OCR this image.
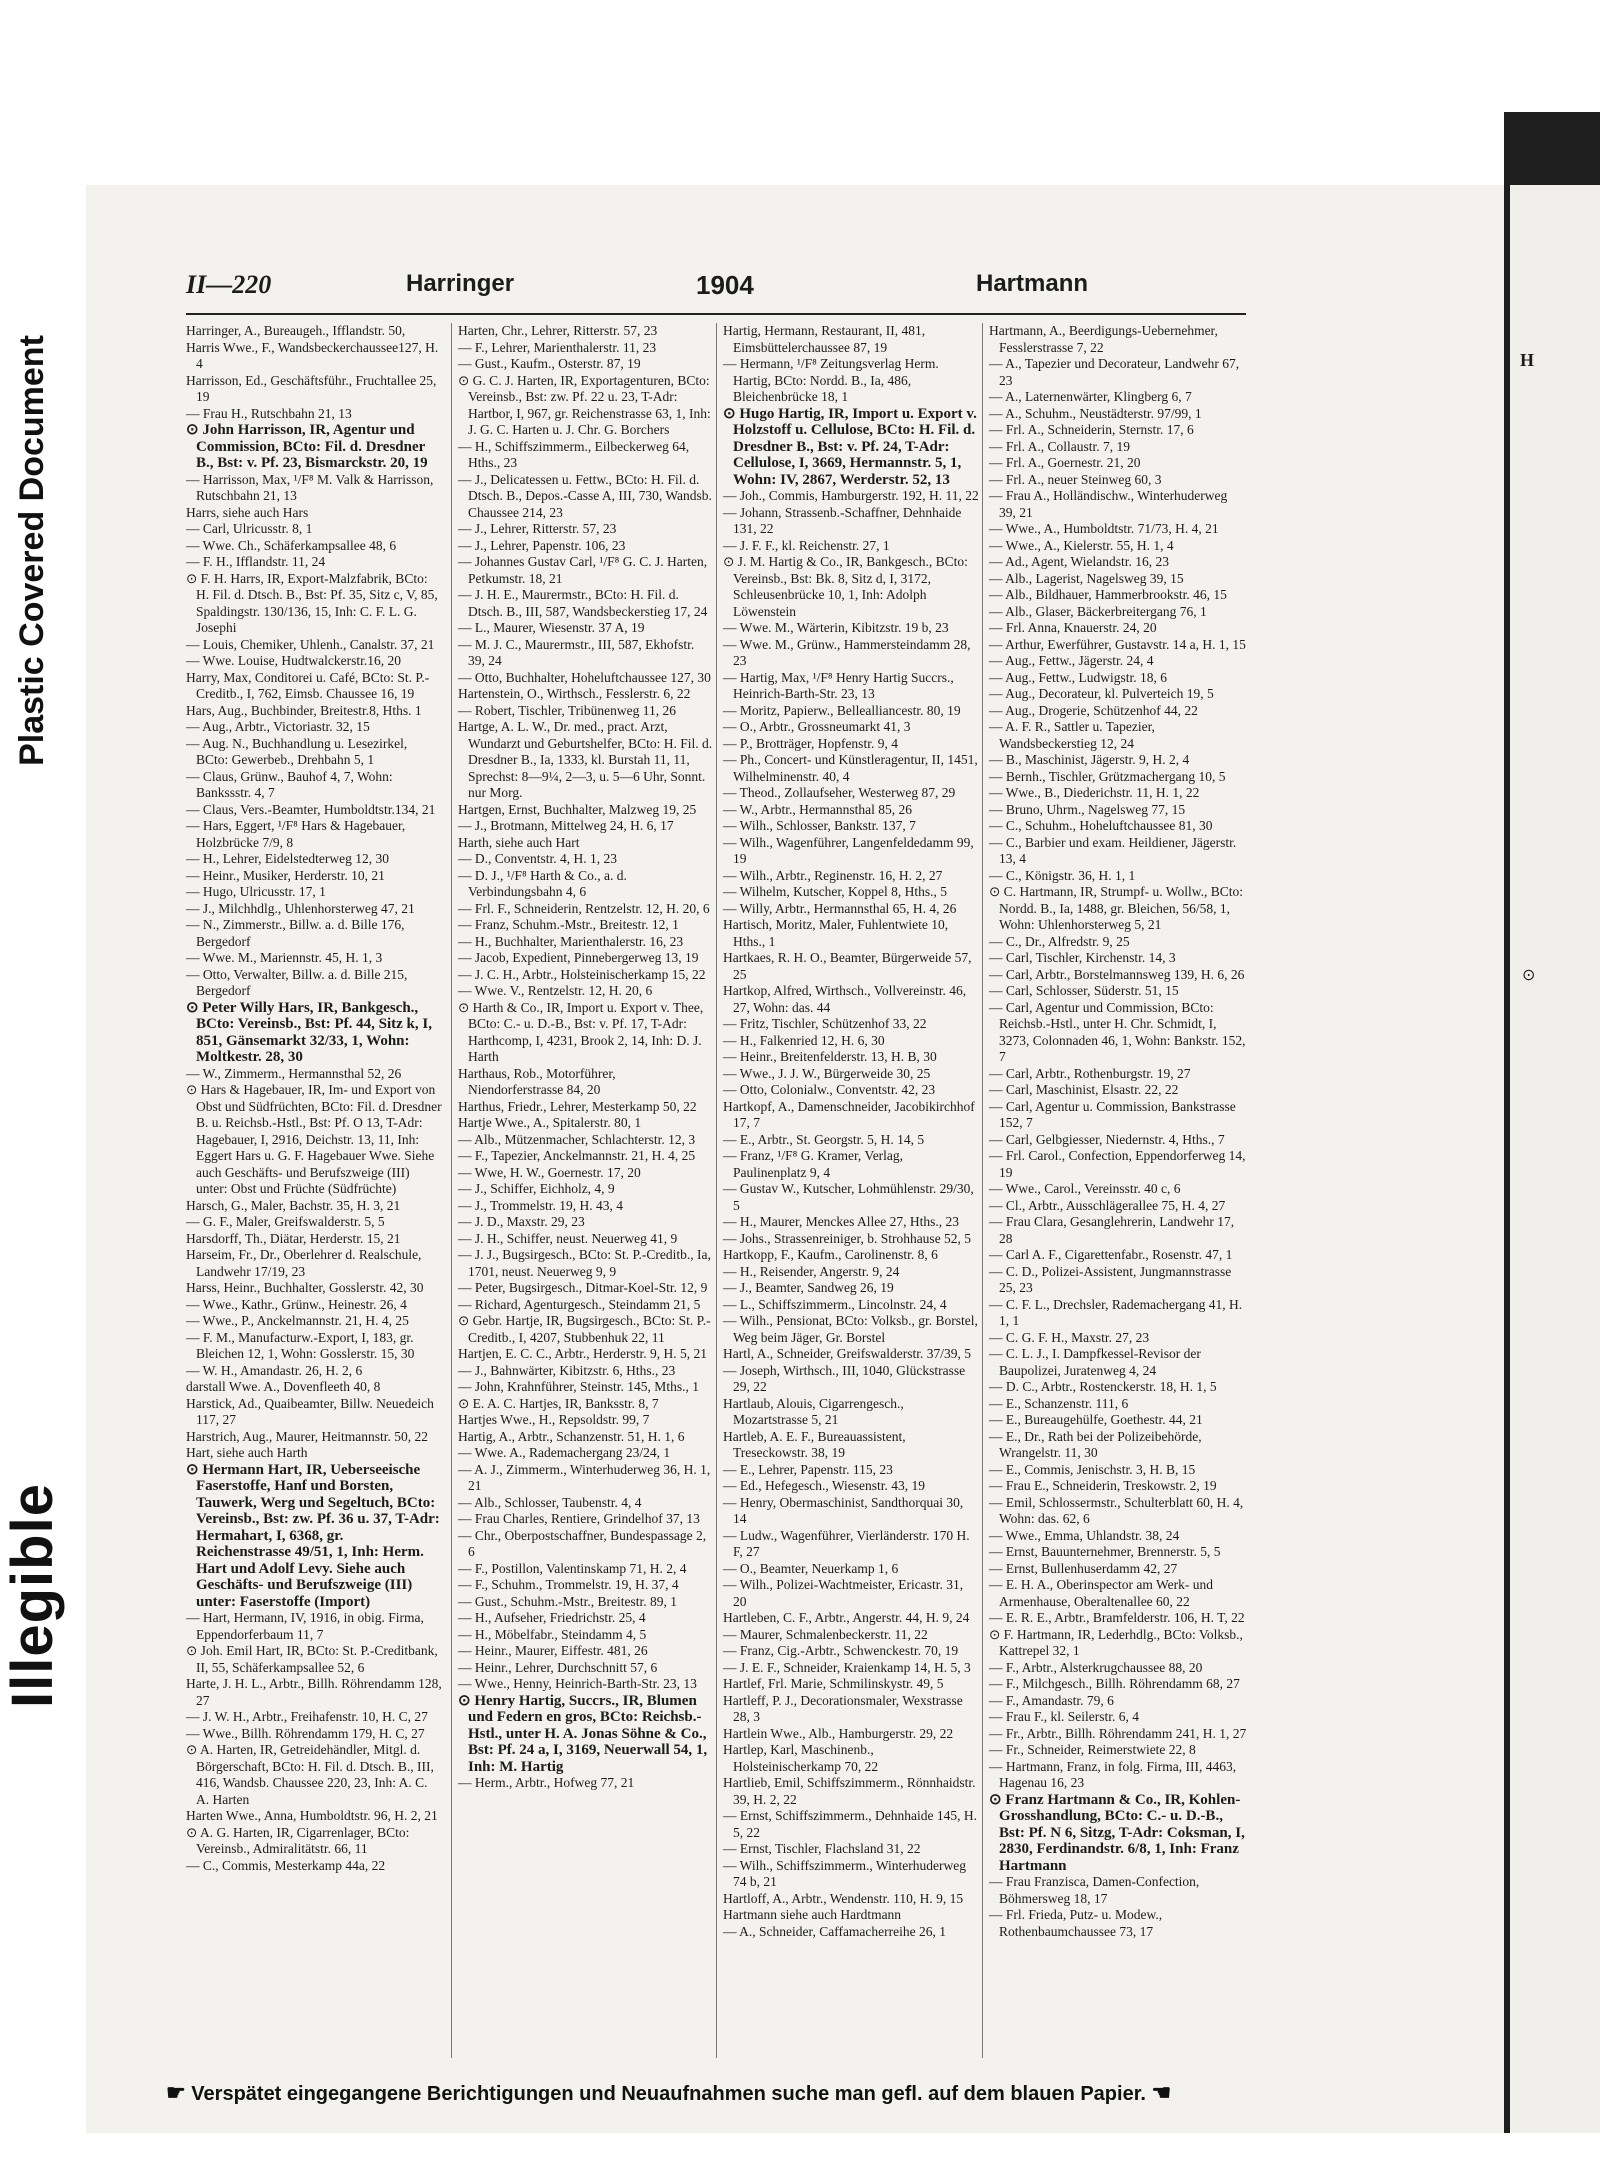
Plastic Covered Document
Illegible
H
⊙
II—220	Harringer	1904	Hartmann

Harringer, A., Bureaugeh., Ifflandstr. 50,

Harris Wwe., F., Wandsbeckerchaussee127, H. 4

Harrisson, Ed., Geschäftsführ., Fruchtallee 25, 19

— Frau H., Rutschbahn 21, 13

⊙ John Harrisson, IR, Agentur und Commission, BCto: Fil. d. Dresdner B., Bst: v. Pf. 23, Bismarckstr. 20, 19

— Harrisson, Max, ¹/F⁸ M. Valk & Harrisson, Rutschbahn 21, 13

Harrs, siehe auch Hars

— Carl, Ulricusstr. 8, 1

— Wwe. Ch., Schäferkampsallee 48, 6

— F. H., Ifflandstr. 11, 24

⊙ F. H. Harrs, IR, Export-Malzfabrik, BCto: H. Fil. d. Dtsch. B., Bst: Pf. 35, Sitz c, V, 85, Spaldingstr. 130/136, 15, Inh: C. F. L. G. Josephi

— Louis, Chemiker, Uhlenh., Canalstr. 37, 21

— Wwe. Louise, Hudtwalckerstr.16, 20

Harry, Max, Conditorei u. Café, BCto: St. P.-Creditb., I, 762, Eimsb. Chaussee 16, 19

Hars, Aug., Buchbinder, Breitestr.8, Hths. 1

— Aug., Arbtr., Victoriastr. 32, 15

— Aug. N., Buchhandlung u. Lesezirkel, BCto: Gewerbeb., Drehbahn 5, 1

— Claus, Grünw., Bauhof 4, 7, Wohn: Bankssstr. 4, 7

— Claus, Vers.-Beamter, Humboldtstr.134, 21

— Hars, Eggert, ¹/F⁸ Hars & Hagebauer, Holzbrücke 7/9, 8

— H., Lehrer, Eidelstedterweg 12, 30

— Heinr., Musiker, Herderstr. 10, 21

— Hugo, Ulricusstr. 17, 1

— J., Milchhdlg., Uhlenhorsterweg 47, 21

— N., Zimmerstr., Billw. a. d. Bille 176, Bergedorf

— Wwe. M., Mariennstr. 45, H. 1, 3

— Otto, Verwalter, Billw. a. d. Bille 215, Bergedorf

⊙ Peter Willy Hars, IR, Bankgesch., BCto: Vereinsb., Bst: Pf. 44, Sitz k, I, 851, Gänsemarkt 32/33, 1, Wohn: Moltkestr. 28, 30

— W., Zimmerm., Hermannsthal 52, 26

⊙ Hars & Hagebauer, IR, Im- und Export von Obst und Südfrüchten, BCto: Fil. d. Dresdner B. u. Reichsb.-Hstl., Bst: Pf. O 13, T-Adr: Hagebauer, I, 2916, Deichstr. 13, 11, Inh: Eggert Hars u. G. F. Hagebauer Wwe. Siehe auch Geschäfts- und Berufszweige (III) unter: Obst und Früchte (Südfrüchte)

Harsch, G., Maler, Bachstr. 35, H. 3, 21

— G. F., Maler, Greifswalderstr. 5, 5

Harsdorff, Th., Diätar, Herderstr. 15, 21

Harseim, Fr., Dr., Oberlehrer d. Realschule, Landwehr 17/19, 23

Harss, Heinr., Buchhalter, Gosslerstr. 42, 30

— Wwe., Kathr., Grünw., Heinestr. 26, 4

— Wwe., P., Anckelmannstr. 21, H. 4, 25

— F. M., Manufacturw.-Export, I, 183, gr. Bleichen 12, 1, Wohn: Gosslerstr. 15, 30

— W. H., Amandastr. 26, H. 2, 6

darstall Wwe. A., Dovenfleeth 40, 8

Harstick, Ad., Quaibeamter, Billw. Neuedeich 117, 27

Harstrich, Aug., Maurer, Heitmannstr. 50, 22

Hart, siehe auch Harth

⊙ Hermann Hart, IR, Ueberseeische Faserstoffe, Hanf und Borsten, Tauwerk, Werg und Segeltuch, BCto: Vereinsb., Bst: zw. Pf. 36 u. 37, T-Adr: Hermahart, I, 6368, gr. Reichenstrasse 49/51, 1, Inh: Herm. Hart und Adolf Levy. Siehe auch Geschäfts- und Berufszweige (III) unter: Faserstoffe (Import)

— Hart, Hermann, IV, 1916, in obig. Firma, Eppendorferbaum 11, 7

⊙ Joh. Emil Hart, IR, BCto: St. P.-Creditbank, II, 55, Schäferkampsallee 52, 6

Harte, J. H. L., Arbtr., Billh. Röhrendamm 128, 27

— J. W. H., Arbtr., Freihafenstr. 10, H. C, 27

— Wwe., Billh. Röhrendamm 179, H. C, 27

⊙ A. Harten, IR, Getreidehändler, Mitgl. d. Börgerschaft, BCto: H. Fil. d. Dtsch. B., III, 416, Wandsb. Chaussee 220, 23, Inh: A. C. A. Harten

Harten Wwe., Anna, Humboldtstr. 96, H. 2, 21

⊙ A. G. Harten, IR, Cigarrenlager, BCto: Vereinsb., Admiralitätstr. 66, 11

— C., Commis, Mesterkamp 44a, 22

Harten, Chr., Lehrer, Ritterstr. 57, 23

— F., Lehrer, Marienthalerstr. 11, 23

— Gust., Kaufm., Osterstr. 87, 19

⊙ G. C. J. Harten, IR, Exportagenturen, BCto: Vereinsb., Bst: zw. Pf. 22 u. 23, T-Adr: Hartbor, I, 967, gr. Reichenstrasse 63, 1, Inh: J. G. C. Harten u. J. Chr. G. Borchers

— H., Schiffszimmerm., Eilbeckerweg 64, Hths., 23

— J., Delicatessen u. Fettw., BCto: H. Fil. d. Dtsch. B., Depos.-Casse A, III, 730, Wandsb. Chaussee 214, 23

— J., Lehrer, Ritterstr. 57, 23

— J., Lehrer, Papenstr. 106, 23

— Johannes Gustav Carl, ¹/F⁸ G. C. J. Harten, Petkumstr. 18, 21

— J. H. E., Maurermstr., BCto: H. Fil. d. Dtsch. B., III, 587, Wandsbeckerstieg 17, 24

— L., Maurer, Wiesenstr. 37 A, 19

— M. J. C., Maurermstr., III, 587, Ekhofstr. 39, 24

— Otto, Buchhalter, Hoheluftchaussee 127, 30

Hartenstein, O., Wirthsch., Fesslerstr. 6, 22

— Robert, Tischler, Tribünenweg 11, 26

Hartge, A. L. W., Dr. med., pract. Arzt, Wundarzt und Geburtshelfer, BCto: H. Fil. d. Dresdner B., Ia, 1333, kl. Burstah 11, 11, Sprechst: 8—9¼, 2—3, u. 5—6 Uhr, Sonnt. nur Morg.

Hartgen, Ernst, Buchhalter, Malzweg 19, 25

— J., Brotmann, Mittelweg 24, H. 6, 17

Harth, siehe auch Hart

— D., Conventstr. 4, H. 1, 23

— D. J., ¹/F⁸ Harth & Co., a. d. Verbindungsbahn 4, 6

— Frl. F., Schneiderin, Rentzelstr. 12, H. 20, 6

— Franz, Schuhm.-Mstr., Breitestr. 12, 1

— H., Buchhalter, Marienthalerstr. 16, 23

— Jacob, Expedient, Pinnebergerweg 13, 19

— J. C. H., Arbtr., Holsteinischerkamp 15, 22

— Wwe. V., Rentzelstr. 12, H. 20, 6

⊙ Harth & Co., IR, Import u. Export v. Thee, BCto: C.- u. D.-B., Bst: v. Pf. 17, T-Adr: Harthcomp, I, 4231, Brook 2, 14, Inh: D. J. Harth

Harthaus, Rob., Motorführer, Niendorferstrasse 84, 20

Harthus, Friedr., Lehrer, Mesterkamp 50, 22

Hartje Wwe., A., Spitalerstr. 80, 1

— Alb., Mützenmacher, Schlachterstr. 12, 3

— F., Tapezier, Anckelmannstr. 21, H. 4, 25

— Wwe, H. W., Goernestr. 17, 20

— J., Schiffer, Eichholz, 4, 9

— J., Trommelstr. 19, H. 43, 4

— J. D., Maxstr. 29, 23

— J. H., Schiffer, neust. Neuerweg 41, 9

— J. J., Bugsirgesch., BCto: St. P.-Creditb., Ia, 1701, neust. Neuerweg 9, 9

— Peter, Bugsirgesch., Ditmar-Koel-Str. 12, 9

— Richard, Agenturgesch., Steindamm 21, 5

⊙ Gebr. Hartje, IR, Bugsirgesch., BCto: St. P.-Creditb., I, 4207, Stubbenhuk 22, 11

Hartjen, E. C. C., Arbtr., Herderstr. 9, H. 5, 21

— J., Bahnwärter, Kibitzstr. 6, Hths., 23

— John, Krahnführer, Steinstr. 145, Mths., 1

⊙ E. A. C. Hartjes, IR, Banksstr. 8, 7

Hartjes Wwe., H., Repsoldstr. 99, 7

Hartig, A., Arbtr., Schanzenstr. 51, H. 1, 6

— Wwe. A., Rademachergang 23/24, 1

— A. J., Zimmerm., Winterhuderweg 36, H. 1, 21

— Alb., Schlosser, Taubenstr. 4, 4

— Frau Charles, Rentiere, Grindelhof 37, 13

— Chr., Oberpostschaffner, Bundespassage 2, 6

— F., Postillon, Valentinskamp 71, H. 2, 4

— F., Schuhm., Trommelstr. 19, H. 37, 4

— Gust., Schuhm.-Mstr., Breitestr. 89, 1

— H., Aufseher, Friedrichstr. 25, 4

— H., Möbelfabr., Steindamm 4, 5

— Heinr., Maurer, Eiffestr. 481, 26

— Heinr., Lehrer, Durchschnitt 57, 6

— Wwe., Henny, Heinrich-Barth-Str. 23, 13

⊙ Henry Hartig, Succrs., IR, Blumen und Federn en gros, BCto: Reichsb.-Hstl., unter H. A. Jonas Söhne & Co., Bst: Pf. 24 a, I, 3169, Neuerwall 54, 1, Inh: M. Hartig

— Herm., Arbtr., Hofweg 77, 21

Hartig, Hermann, Restaurant, II, 481, Eimsbüttelerchaussee 87, 19

— Hermann, ¹/F⁸ Zeitungsverlag Herm. Hartig, BCto: Nordd. B., Ia, 486, Bleichenbrücke 18, 1

⊙ Hugo Hartig, IR, Import u. Export v. Holzstoff u. Cellulose, BCto: H. Fil. d. Dresdner B., Bst: v. Pf. 24, T-Adr: Cellulose, I, 3669, Hermannstr. 5, 1, Wohn: IV, 2867, Werderstr. 52, 13

— Joh., Commis, Hamburgerstr. 192, H. 11, 22

— Johann, Strassenb.-Schaffner, Dehnhaide 131, 22

— J. F. F., kl. Reichenstr. 27, 1

⊙ J. M. Hartig & Co., IR, Bankgesch., BCto: Vereinsb., Bst: Bk. 8, Sitz d, I, 3172, Schleusenbrücke 10, 1, Inh: Adolph Löwenstein

— Wwe. M., Wärterin, Kibitzstr. 19 b, 23

— Wwe. M., Grünw., Hammersteindamm 28, 23

— Hartig, Max, ¹/F⁸ Henry Hartig Succrs., Heinrich-Barth-Str. 23, 13

— Moritz, Papierw., Bellealliancestr. 80, 19

— O., Arbtr., Grossneumarkt 41, 3

— P., Brotträger, Hopfenstr. 9, 4

— Ph., Concert- und Künstleragentur, II, 1451, Wilhelminenstr. 40, 4

— Theod., Zollaufseher, Westerweg 87, 29

— W., Arbtr., Hermannsthal 85, 26

— Wilh., Schlosser, Bankstr. 137, 7

— Wilh., Wagenführer, Langenfeldedamm 99, 19

— Wilh., Arbtr., Reginenstr. 16, H. 2, 27

— Wilhelm, Kutscher, Koppel 8, Hths., 5

— Willy, Arbtr., Hermannsthal 65, H. 4, 26

Hartisch, Moritz, Maler, Fuhlentwiete 10, Hths., 1

Hartkaes, R. H. O., Beamter, Bürgerweide 57, 25

Hartkop, Alfred, Wirthsch., Vollvereinstr. 46, 27, Wohn: das. 44

— Fritz, Tischler, Schützenhof 33, 22

— H., Falkenried 12, H. 6, 30

— Heinr., Breitenfelderstr. 13, H. B, 30

— Wwe., J. J. W., Bürgerweide 30, 25

— Otto, Colonialw., Conventstr. 42, 23

Hartkopf, A., Damenschneider, Jacobikirchhof 17, 7

— E., Arbtr., St. Georgstr. 5, H. 14, 5

— Franz, ¹/F⁸ G. Kramer, Verlag, Paulinenplatz 9, 4

— Gustav W., Kutscher, Lohmühlenstr. 29/30, 5

— H., Maurer, Menckes Allee 27, Hths., 23

— Johs., Strassenreiniger, b. Strohhause 52, 5

Hartkopp, F., Kaufm., Carolinenstr. 8, 6

— H., Reisender, Angerstr. 9, 24

— J., Beamter, Sandweg 26, 19

— L., Schiffszimmerm., Lincolnstr. 24, 4

— Wilh., Pensionat, BCto: Volksb., gr. Borstel, Weg beim Jäger, Gr. Borstel

Hartl, A., Schneider, Greifswalderstr. 37/39, 5

— Joseph, Wirthsch., III, 1040, Glückstrasse 29, 22

Hartlaub, Alouis, Cigarrengesch., Mozartstrasse 5, 21

Hartleb, A. E. F., Bureauassistent, Treseckowstr. 38, 19

— E., Lehrer, Papenstr. 115, 23

— Ed., Hefegesch., Wiesenstr. 43, 19

— Henry, Obermaschinist, Sandthorquai 30, 14

— Ludw., Wagenführer, Vierländerstr. 170 H. F, 27

— O., Beamter, Neuerkamp 1, 6

— Wilh., Polizei-Wachtmeister, Ericastr. 31, 20

Hartleben, C. F., Arbtr., Angerstr. 44, H. 9, 24

— Maurer, Schmalenbeckerstr. 11, 22

— Franz, Cig.-Arbtr., Schwenckestr. 70, 19

— J. E. F., Schneider, Kraienkamp 14, H. 5, 3

Hartlef, Frl. Marie, Schmilinskystr. 49, 5

Hartleff, P. J., Decorationsmaler, Wexstrasse 28, 3

Hartlein Wwe., Alb., Hamburgerstr. 29, 22

Hartlep, Karl, Maschinenb., Holsteinischerkamp 70, 22

Hartlieb, Emil, Schiffszimmerm., Rönnhaidstr. 39, H. 2, 22

— Ernst, Schiffszimmerm., Dehnhaide 145, H. 5, 22

— Ernst, Tischler, Flachsland 31, 22

— Wilh., Schiffszimmerm., Winterhuderweg 74 b, 21

Hartloff, A., Arbtr., Wendenstr. 110, H. 9, 15

Hartmann siehe auch Hardtmann

— A., Schneider, Caffamacherreihe 26, 1

Hartmann, A., Beerdigungs-Uebernehmer, Fesslerstrasse 7, 22

— A., Tapezier und Decorateur, Landwehr 67, 23

— A., Laternenwärter, Klingberg 6, 7

— A., Schuhm., Neustädterstr. 97/99, 1

— Frl. A., Schneiderin, Sternstr. 17, 6

— Frl. A., Collaustr. 7, 19

— Frl. A., Goernestr. 21, 20

— Frl. A., neuer Steinweg 60, 3

— Frau A., Holländischw., Winterhuderweg 39, 21

— Wwe., A., Humboldtstr. 71/73, H. 4, 21

— Wwe., A., Kielerstr. 55, H. 1, 4

— Ad., Agent, Wielandstr. 16, 23

— Alb., Lagerist, Nagelsweg 39, 15

— Alb., Bildhauer, Hammerbrookstr. 46, 15

— Alb., Glaser, Bäckerbreitergang 76, 1

— Frl. Anna, Knauerstr. 24, 20

— Arthur, Ewerführer, Gustavstr. 14 a, H. 1, 15

— Aug., Fettw., Jägerstr. 24, 4

— Aug., Fettw., Ludwigstr. 18, 6

— Aug., Decorateur, kl. Pulverteich 19, 5

— Aug., Drogerie, Schützenhof 44, 22

— A. F. R., Sattler u. Tapezier, Wandsbeckerstieg 12, 24

— B., Maschinist, Jägerstr. 9, H. 2, 4

— Bernh., Tischler, Grützmachergang 10, 5

— Wwe., B., Diederichstr. 11, H. 1, 22

— Bruno, Uhrm., Nagelsweg 77, 15

— C., Schuhm., Hoheluftchaussee 81, 30

— C., Barbier und exam. Heildiener, Jägerstr. 13, 4

— C., Königstr. 36, H. 1, 1

⊙ C. Hartmann, IR, Strumpf- u. Wollw., BCto: Nordd. B., Ia, 1488, gr. Bleichen, 56/58, 1, Wohn: Uhlenhorsterweg 5, 21

— C., Dr., Alfredstr. 9, 25

— Carl, Tischler, Kirchenstr. 14, 3

— Carl, Arbtr., Borstelmannsweg 139, H. 6, 26

— Carl, Schlosser, Süderstr. 51, 15

— Carl, Agentur und Commission, BCto: Reichsb.-Hstl., unter H. Chr. Schmidt, I, 3273, Colonnaden 46, 1, Wohn: Bankstr. 152, 7

— Carl, Arbtr., Rothenburgstr. 19, 27

— Carl, Maschinist, Elsastr. 22, 22

— Carl, Agentur u. Commission, Bankstrasse 152, 7

— Carl, Gelbgiesser, Niedernstr. 4, Hths., 7

— Frl. Carol., Confection, Eppendorferweg 14, 19

— Wwe., Carol., Vereinsstr. 40 c, 6

— Cl., Arbtr., Ausschlägerallee 75, H. 4, 27

— Frau Clara, Gesanglehrerin, Landwehr 17, 28

— Carl A. F., Cigarettenfabr., Rosenstr. 47, 1

— C. D., Polizei-Assistent, Jungmannstrasse 25, 23

— C. F. L., Drechsler, Rademachergang 41, H. 1, 1

— C. G. F. H., Maxstr. 27, 23

— C. L. J., I. Dampfkessel-Revisor der Baupolizei, Juratenweg 4, 24

— D. C., Arbtr., Rostenckerstr. 18, H. 1, 5

— E., Schanzenstr. 111, 6

— E., Bureaugehülfe, Goethestr. 44, 21

— E., Dr., Rath bei der Polizeibehörde, Wrangelstr. 11, 30

— E., Commis, Jenischstr. 3, H. B, 15

— Frau E., Schneiderin, Treskowstr. 2, 19

— Emil, Schlossermstr., Schulterblatt 60, H. 4, Wohn: das. 62, 6

— Wwe., Emma, Uhlandstr. 38, 24

— Ernst, Bauunternehmer, Brennerstr. 5, 5

— Ernst, Bullenhuserdamm 42, 27

— E. H. A., Oberinspector am Werk- und Armenhause, Oberaltenallee 60, 22

— E. R. E., Arbtr., Bramfelderstr. 106, H. T, 22

⊙ F. Hartmann, IR, Lederhdlg., BCto: Volksb., Kattrepel 32, 1

— F., Arbtr., Alsterkrugchaussee 88, 20

— F., Milchgesch., Billh. Röhrendamm 68, 27

— F., Amandastr. 79, 6

— Frau F., kl. Seilerstr. 6, 4

— Fr., Arbtr., Billh. Röhrendamm 241, H. 1, 27

— Fr., Schneider, Reimerstwiete 22, 8

— Hartmann, Franz, in folg. Firma, III, 4463, Hagenau 16, 23

⊙ Franz Hartmann & Co., IR, Kohlen-Grosshandlung, BCto: C.- u. D.-B., Bst: Pf. N 6, Sitzg, T-Adr: Coksman, I, 2830, Ferdinandstr. 6/8, 1, Inh: Franz Hartmann

— Frau Franzisca, Damen-Confection, Böhmersweg 18, 17

— Frl. Frieda, Putz- u. Modew., Rothenbaumchaussee 73, 17

☛ Verspätet eingegangene Berichtigungen und Neuaufnahmen suche man gefl. auf dem blauen Papier. ☚
